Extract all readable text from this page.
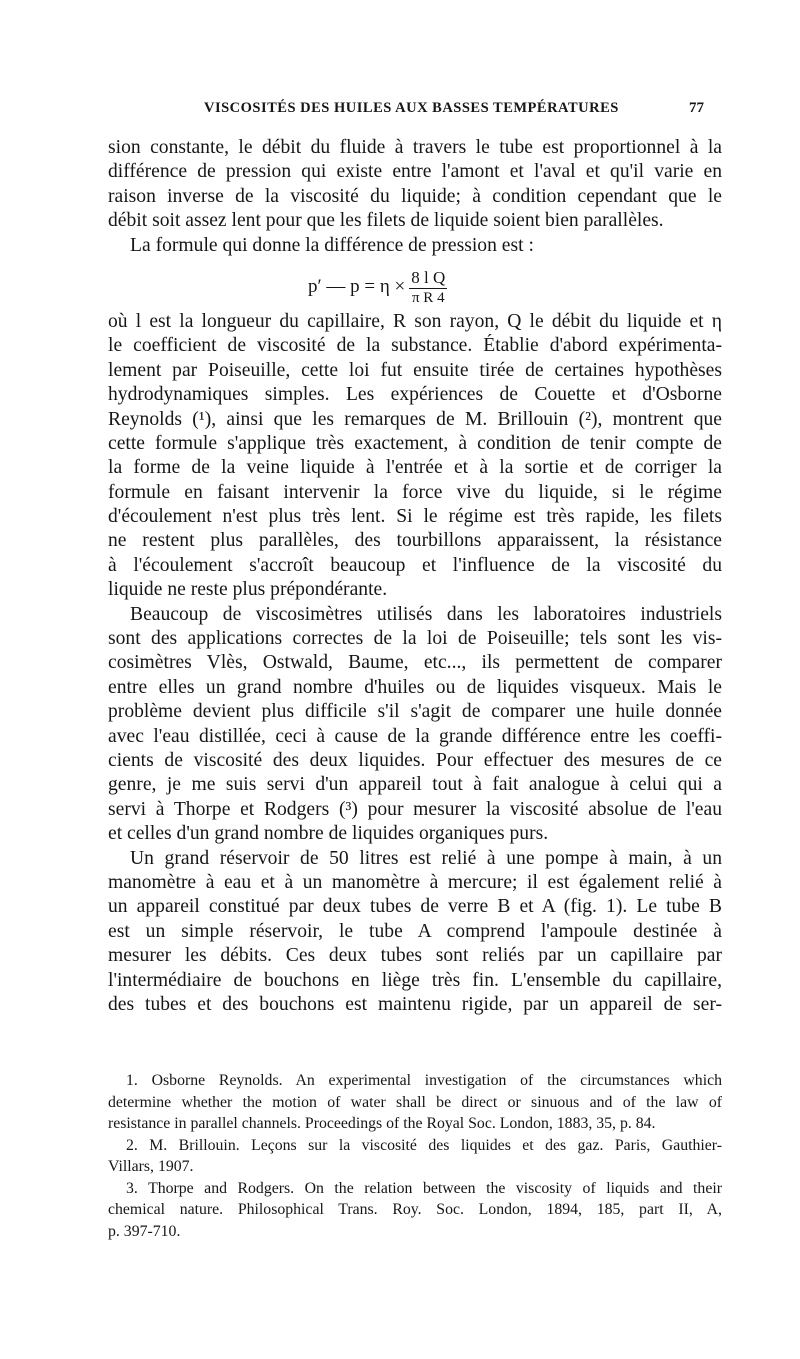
VISCOSITÉS DES HUILES AUX BASSES TEMPÉRATURES	77
sion constante, le débit du fluide à travers le tube est proportionnel à la
différence de pression qui existe entre l'amont et l'aval et qu'il varie en
raison inverse de la viscosité du liquide; à condition cependant que le
débit soit assez lent pour que les filets de liquide soient bien parallèles.
La formule qui donne la différence de pression est :
p′ — $p = \eta \times \frac{\text{8 l Q}}{\text{π R 4}}$
où l est la longueur du capillaire, R son rayon, Q le débit du liquide et η
le coefficient de viscosité de la substance. Établie d'abord expérimenta-
lement par Poiseuille, cette loi fut ensuite tirée de certaines hypothèses
hydrodynamiques simples. Les expériences de Couette et d'Osborne
Reynolds (¹), ainsi que les remarques de M. Brillouin (²), montrent que
cette formule s'applique très exactement, à condition de tenir compte de
la forme de la veine liquide à l'entrée et à la sortie et de corriger la
formule en faisant intervenir la force vive du liquide, si le régime
d'écoulement n'est plus très lent. Si le régime est très rapide, les filets
ne restent plus parallèles, des tourbillons apparaissent, la résistance
à l'écoulement s'accroît beaucoup et l'influence de la viscosité du
liquide ne reste plus prépondérante.
Beaucoup de viscosimètres utilisés dans les laboratoires industriels
sont des applications correctes de la loi de Poiseuille; tels sont les vis-
cosimètres Vlès, Ostwald, Baume, etc..., ils permettent de comparer
entre elles un grand nombre d'huiles ou de liquides visqueux. Mais le
problème devient plus difficile s'il s'agit de comparer une huile donnée
avec l'eau distillée, ceci à cause de la grande différence entre les coeffi-
cients de viscosité des deux liquides. Pour effectuer des mesures de ce
genre, je me suis servi d'un appareil tout à fait analogue à celui qui a
servi à Thorpe et Rodgers (³) pour mesurer la viscosité absolue de l'eau
et celles d'un grand nombre de liquides organiques purs.
Un grand réservoir de 50 litres est relié à une pompe à main, à un
manomètre à eau et à un manomètre à mercure; il est également relié à
un appareil constitué par deux tubes de verre B et A (fig. 1). Le tube B
est un simple réservoir, le tube A comprend l'ampoule destinée à
mesurer les débits. Ces deux tubes sont reliés par un capillaire par
l'intermédiaire de bouchons en liège très fin. L'ensemble du capillaire,
des tubes et des bouchons est maintenu rigide, par un appareil de ser-
1. Osborne Reynolds. An experimental investigation of the circumstances which
determine whether the motion of water shall be direct or sinuous and of the law of
resistance in parallel channels. Proceedings of the Royal Soc. London, 1883, 35, p. 84.
2. M. Brillouin. Leçons sur la viscosité des liquides et des gaz. Paris, Gauthier-
Villars, 1907.
3. Thorpe and Rodgers. On the relation between the viscosity of liquids and their
chemical nature. Philosophical Trans. Roy. Soc. London, 1894, 185, part II, A,
p. 397-710.
